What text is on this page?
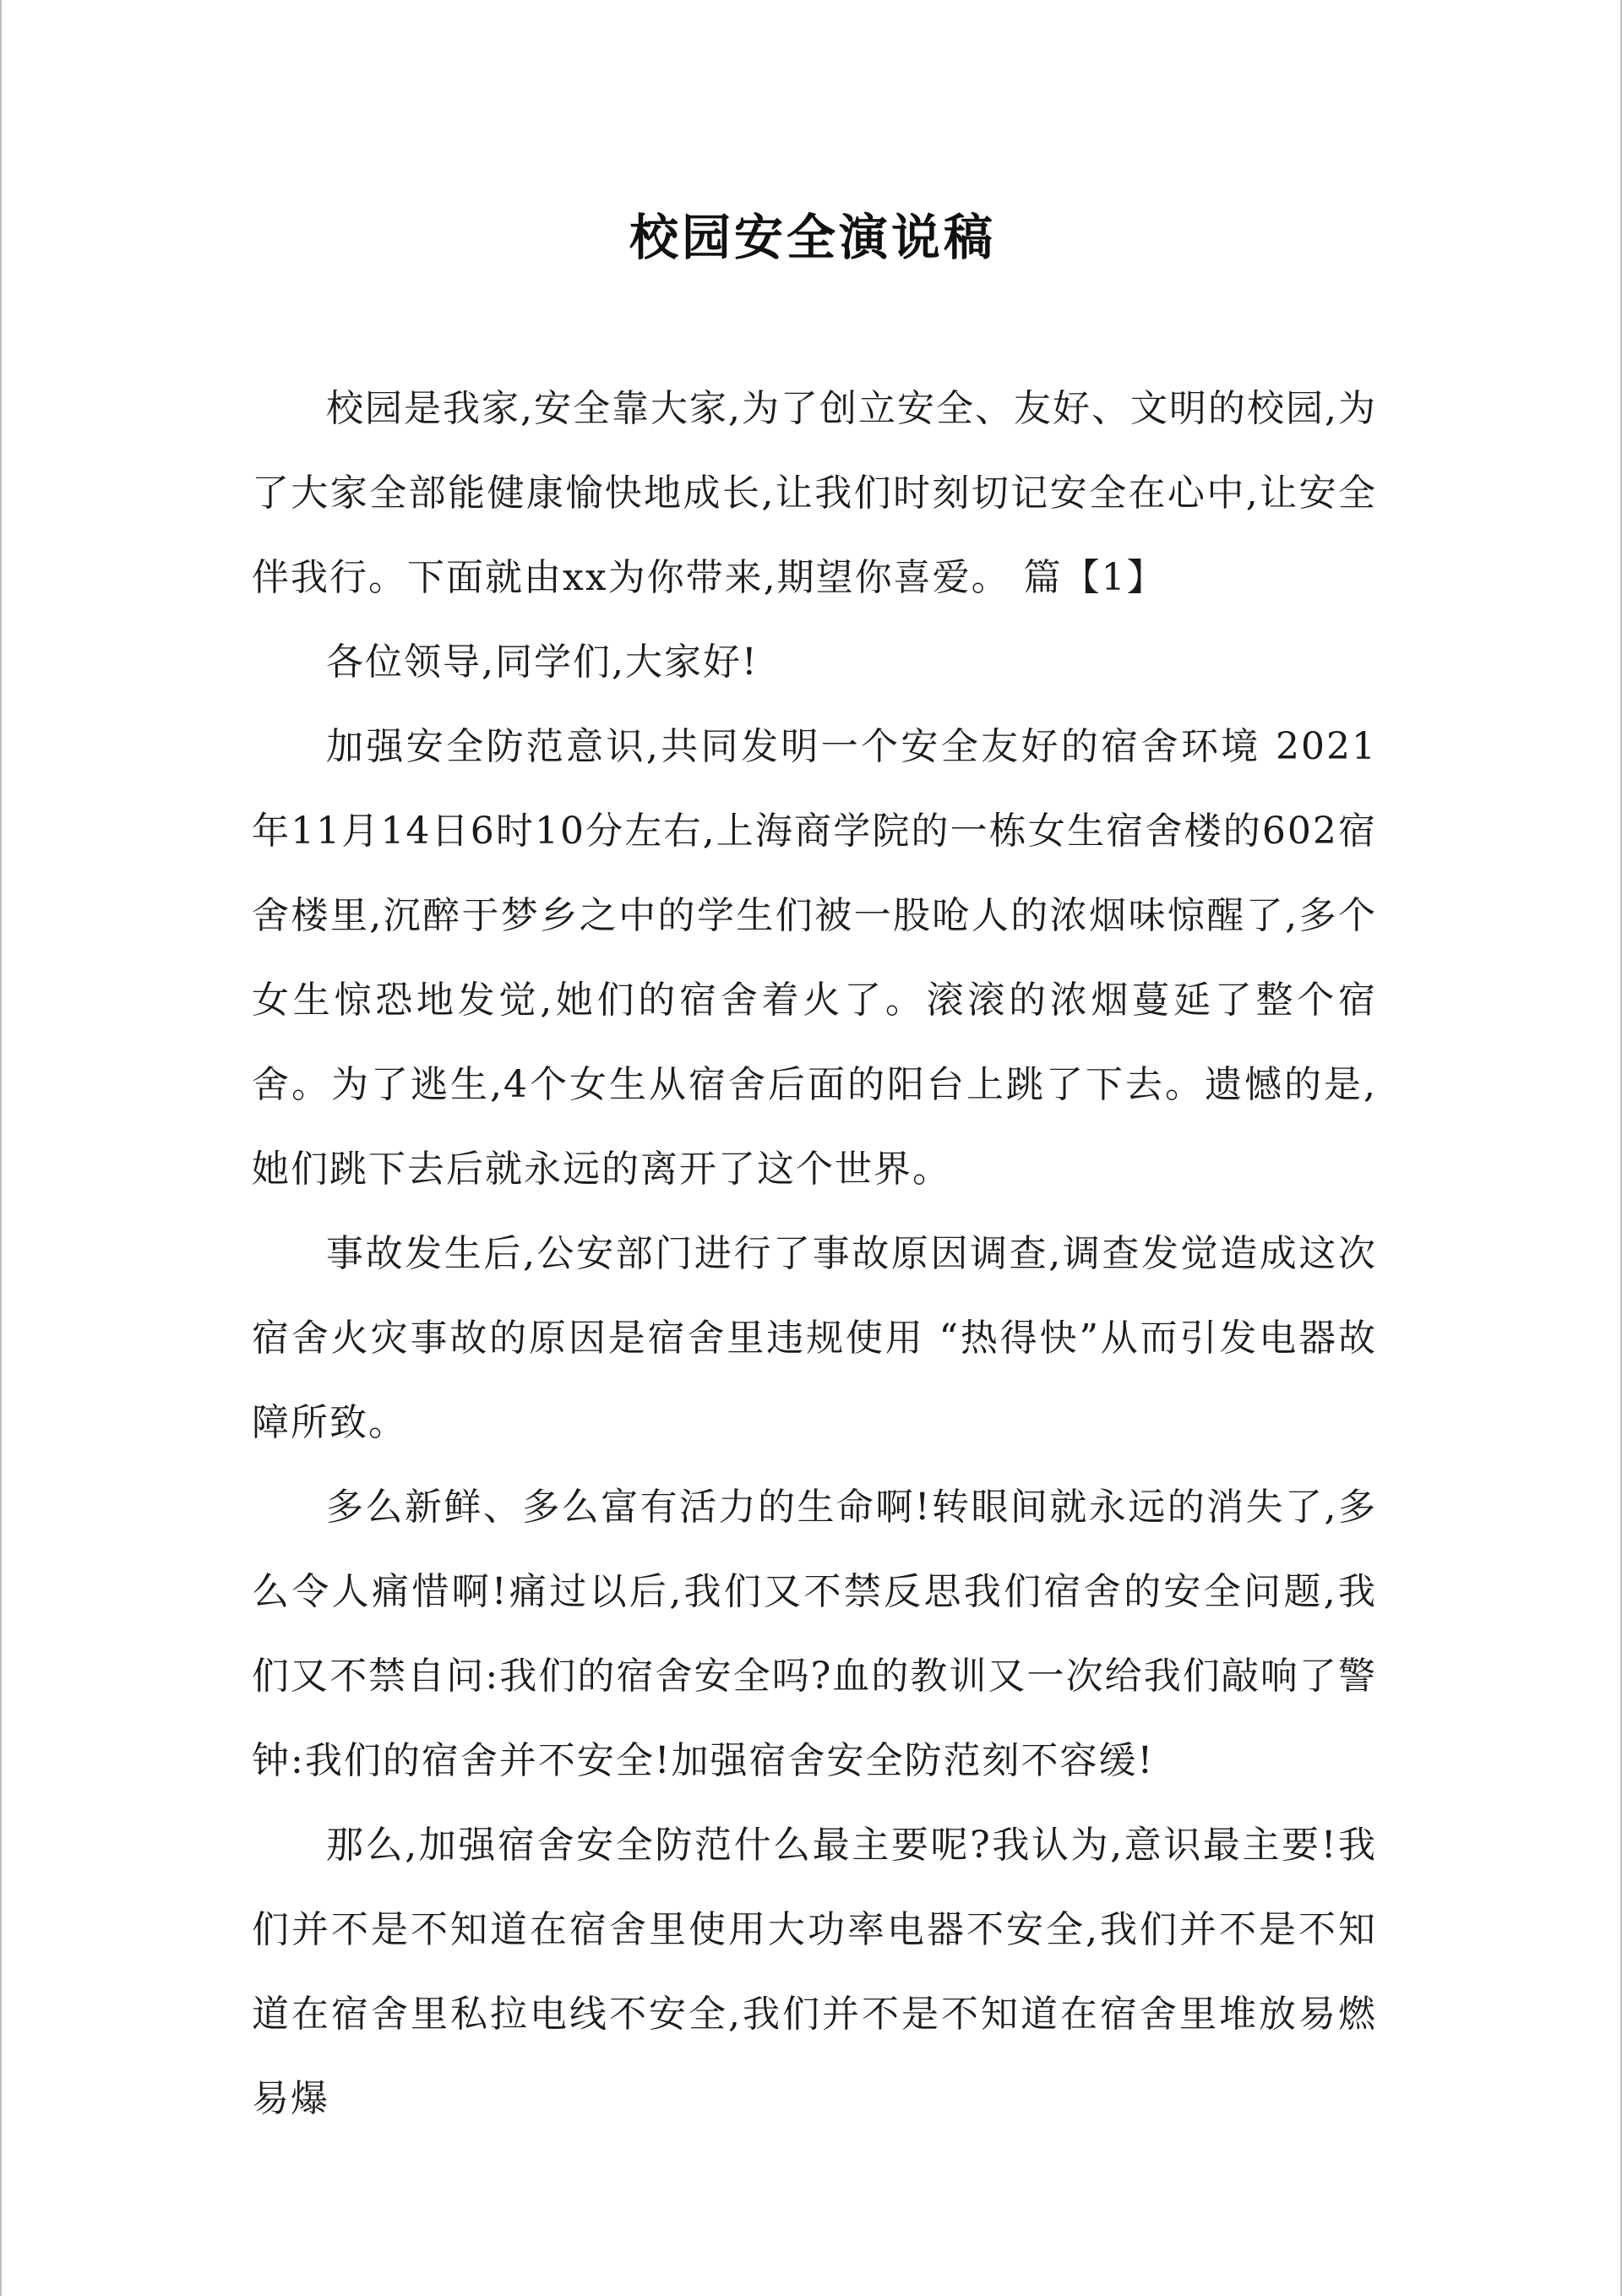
校园安全演说稿

校园是我家,安全靠大家,为了创立安全、友好、文明的校园,为了大家全部能健康愉快地成长,让我们时刻切记安全在心中,让安全伴我行。下面就由xx为你带来,期望你喜爱。 篇【1】

各位领导,同学们,大家好!

加强安全防范意识,共同发明一个安全友好的宿舍环境 2021年11月14日6时10分左右,上海商学院的一栋女生宿舍楼的602宿舍楼里,沉醉于梦乡之中的学生们被一股呛人的浓烟味惊醒了,多个女生惊恐地发觉,她们的宿舍着火了。滚滚的浓烟蔓延了整个宿舍。为了逃生,4个女生从宿舍后面的阳台上跳了下去。遗憾的是,她们跳下去后就永远的离开了这个世界。

事故发生后,公安部门进行了事故原因调查,调查发觉造成这次宿舍火灾事故的原因是宿舍里违规使用 “热得快”从而引发电器故障所致。

多么新鲜、多么富有活力的生命啊!转眼间就永远的消失了,多么令人痛惜啊!痛过以后,我们又不禁反思我们宿舍的安全问题,我们又不禁自问:我们的宿舍安全吗?血的教训又一次给我们敲响了警钟:我们的宿舍并不安全!加强宿舍安全防范刻不容缓!

那么,加强宿舍安全防范什么最主要呢?我认为,意识最主要!我们并不是不知道在宿舍里使用大功率电器不安全,我们并不是不知道在宿舍里私拉电线不安全,我们并不是不知道在宿舍里堆放易燃易爆
